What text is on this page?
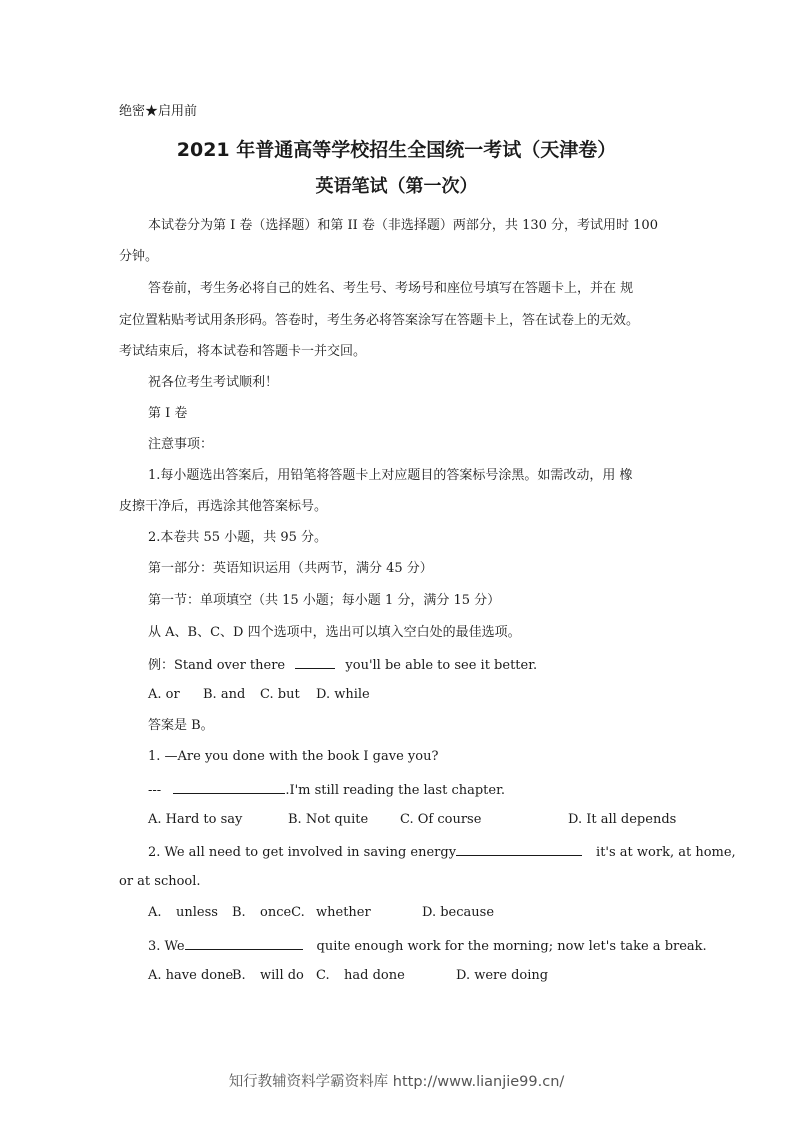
绝密★启用前
2021 年普通高等学校招生全国统一考试（天津卷）
英语笔试（第一次）
本试卷分为第 I 卷（选择题）和第 II 卷（非选择题）两部分，共 130 分，考试用时 100
分钟。
答卷前，考生务必将自己的姓名、考生号、考场号和座位号填写在答题卡上，并在 规
定位置粘贴考试用条形码。答卷时，考生务必将答案涂写在答题卡上，答在试卷上的无效。
考试结束后，将本试卷和答题卡一并交回。
祝各位考生考试顺利！
第 I 卷
注意事项：
1.每小题选出答案后，用铅笔将答题卡上对应题目的答案标号涂黑。如需改动，用 橡
皮擦干净后，再选涂其他答案标号。
2.本卷共 55 小题，共 95 分。
第一部分：英语知识运用（共两节，满分 45 分）
第一节：单项填空（共 15 小题；每小题 1 分，满分 15 分）
从 A、B、C、D 四个选项中，选出可以填入空白处的最佳选项。
例：Stand over there	you'll be able to see it better.
A. or B. and C. but D. while
答案是 B。
1. —Are you done with the book I gave you?
---	.I'm still reading the last chapter.
A. Hard to say	B. Not quite C. Of course	D. It all depends
2. We all need to get involved in saving energy	it's at work, at home,
or at school.
A. unless B. onceC. whether	D. because
3. We	quite enough work for the morning; now let's take a break.
A. have done
B. will do C. had done	D. were doing
知行教辅资料学霸资料库 http://www.lianjie99.cn/
